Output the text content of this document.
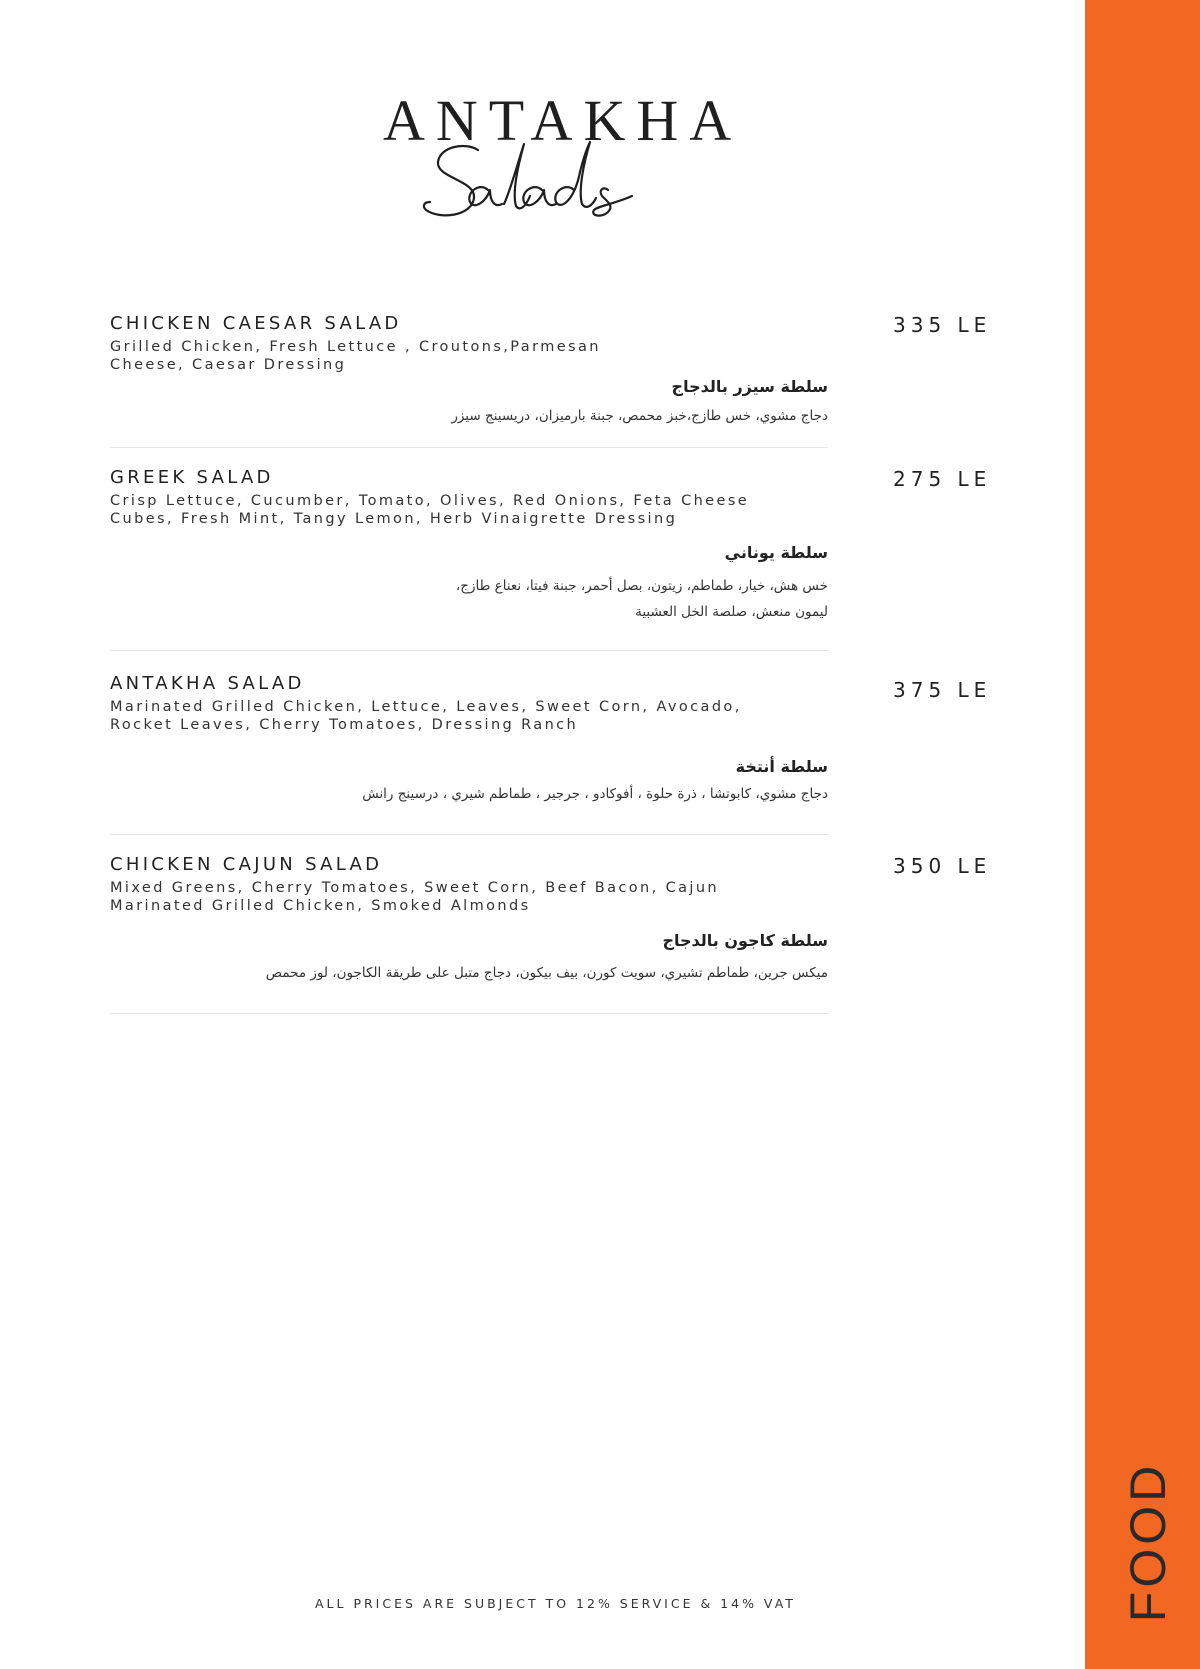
FOOD
ANTAKHA
CHICKEN CAESAR SALAD	335 LE
Grilled Chicken, Fresh Lettuce , Croutons,Parmesan Cheese, Caesar Dressing
سلطة سيزر بالدجاج
دجاج مشوي، خس طازج،خبز محمص، جبنة بارميزان، دريسينج سيزر
GREEK SALAD	275 LE
Crisp Lettuce, Cucumber, Tomato, Olives, Red Onions, Feta Cheese Cubes, Fresh Mint, Tangy Lemon, Herb Vinaigrette Dressing
سلطة يوناني
خس هش، خيار، طماطم، زيتون، بصل أحمر، جبنة فيتا، نعناع طازج،
ليمون منعش، صلصة الخل العشبية
ANTAKHA SALAD	375 LE
Marinated Grilled Chicken, Lettuce, Leaves, Sweet Corn, Avocado, Rocket Leaves, Cherry Tomatoes, Dressing Ranch
سلطة أنتخة
دجاج مشوي، كابوتشا ، ذرة حلوة ، أفوكادو ، جرجير ، طماطم شيري ، درسينج رانش
CHICKEN CAJUN SALAD	350 LE
Mixed Greens, Cherry Tomatoes, Sweet Corn, Beef Bacon, Cajun Marinated Grilled Chicken, Smoked Almonds
سلطة كاجون بالدجاج
ميكس جرين، طماطم تشيري، سويت كورن، بيف بيكون، دجاج متبل على طريقة الكاجون، لوز محمص
ALL PRICES ARE SUBJECT TO 12% SERVICE & 14% VAT
